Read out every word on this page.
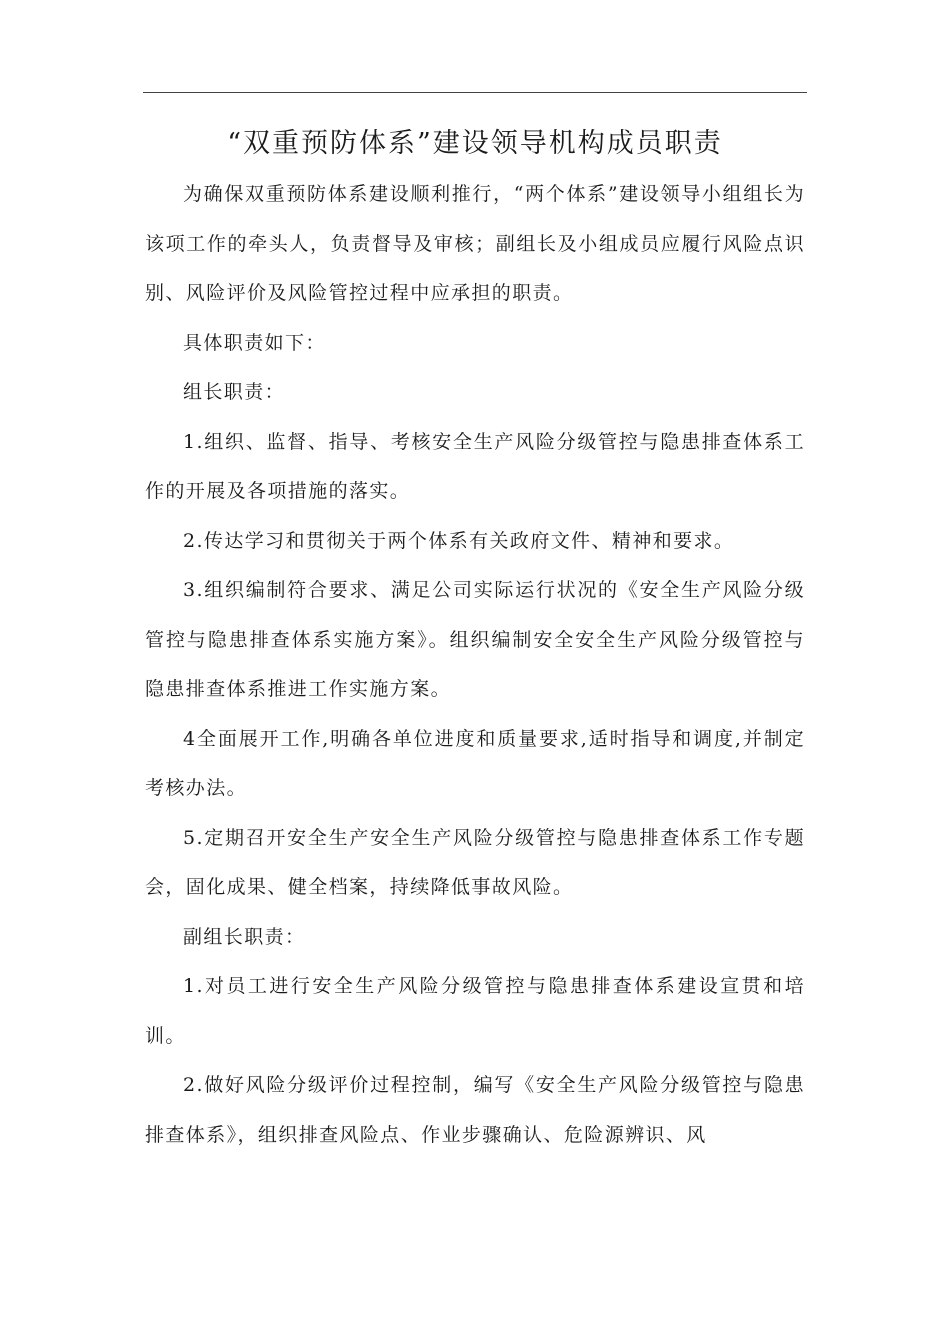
“双重预防体系”建设领导机构成员职责

为确保双重预防体系建设顺利推行，“两个体系”建设领导小组组长为该项工作的牵头人，负责督导及审核；副组长及小组成员应履行风险点识别、风险评价及风险管控过程中应承担的职责。

具体职责如下：

组长职责：

1.组织、监督、指导、考核安全生产风险分级管控与隐患排查体系工作的开展及各项措施的落实。

2.传达学习和贯彻关于两个体系有关政府文件、精神和要求。

3.组织编制符合要求、满足公司实际运行状况的《安全生产风险分级管控与隐患排查体系实施方案》。组织编制安全安全生产风险分级管控与隐患排查体系推进工作实施方案。

4全面展开工作,明确各单位进度和质量要求,适时指导和调度,并制定考核办法。

5.定期召开安全生产安全生产风险分级管控与隐患排查体系工作专题会，固化成果、健全档案，持续降低事故风险。

副组长职责：

1.对员工进行安全生产风险分级管控与隐患排查体系建设宣贯和培训。

2.做好风险分级评价过程控制，编写《安全生产风险分级管控与隐患排查体系》，组织排查风险点、作业步骤确认、危险源辨识、风
